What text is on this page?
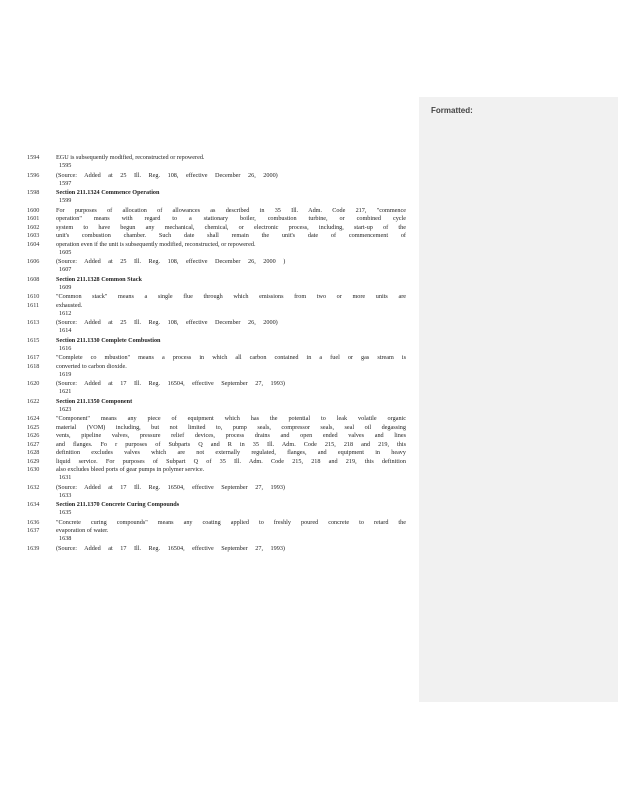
Formatted:
1594	EGU is subsequently modified, reconstructed or repowered.
1595
1596	(Source: Added at 25 Ill. Reg. 108, effective December 26, 2000)
1597
1598	Section 211.1324 Commence Operation
1599
1600	For purposes of allocation of allowances as described in 35 Ill. Adm. Code 217, "commence
1601	operation" means with regard to a stationary boiler, combustion turbine, or combined cycle
1602	system to have begun any mechanical, chemical, or electronic process, including, start-up of the
1603	unit's combustion chamber. Such date shall remain the unit's date of commencement of
1604	operation even if the unit is subsequently modified, reconstructed, or repowered.
1605
1606	(Source: Added at 25 Ill. Reg. 108, effective December 26, 2000 )
1607
1608	Section 211.1328 Common Stack
1609
1610	"Common stack" means a single flue through which emissions from two or more units are
1611	exhausted.
1612
1613	(Source: Added at 25 Ill. Reg. 108, effective December 26, 2000)
1614
1615	Section 211.1330 Complete Combustion
1616
1617	"Complete co mbustion" means a process in which all carbon contained in a fuel or gas stream is
1618	converted to carbon dioxide.
1619
1620	(Source: Added at 17 Ill. Reg. 16504, effective September 27, 1993)
1621
1622	Section 211.1350 Component
1623
1624	"Component" means any piece of equipment which has the potential to leak volatile organic
1625	material (VOM) including, but not limited to, pump seals, compressor seals, seal oil degassing
1626	vents, pipeline valves, pressure relief devices, process drains and open ended valves and lines
1627	and flanges. Fo r purposes of Subparts Q and R in 35 Ill. Adm. Code 215, 218 and 219, this
1628	definition excludes valves which are not externally regulated, flanges, and equipment in heavy
1629	liquid service. For purposes of Subpart Q of 35 Ill. Adm. Code 215, 218 and 219, this definition
1630	also excludes bleed ports of gear pumps in polymer service.
1631
1632	(Source: Added at 17 Ill. Reg. 16504, effective September 27, 1993)
1633
1634	Section 211.1370 Concrete Curing Compounds
1635
1636	"Concrete curing compounds" means any coating applied to freshly poured concrete to retard the
1637	evaporation of water.
1638
1639	(Source: Added at 17 Ill. Reg. 16504, effective September 27, 1993)
